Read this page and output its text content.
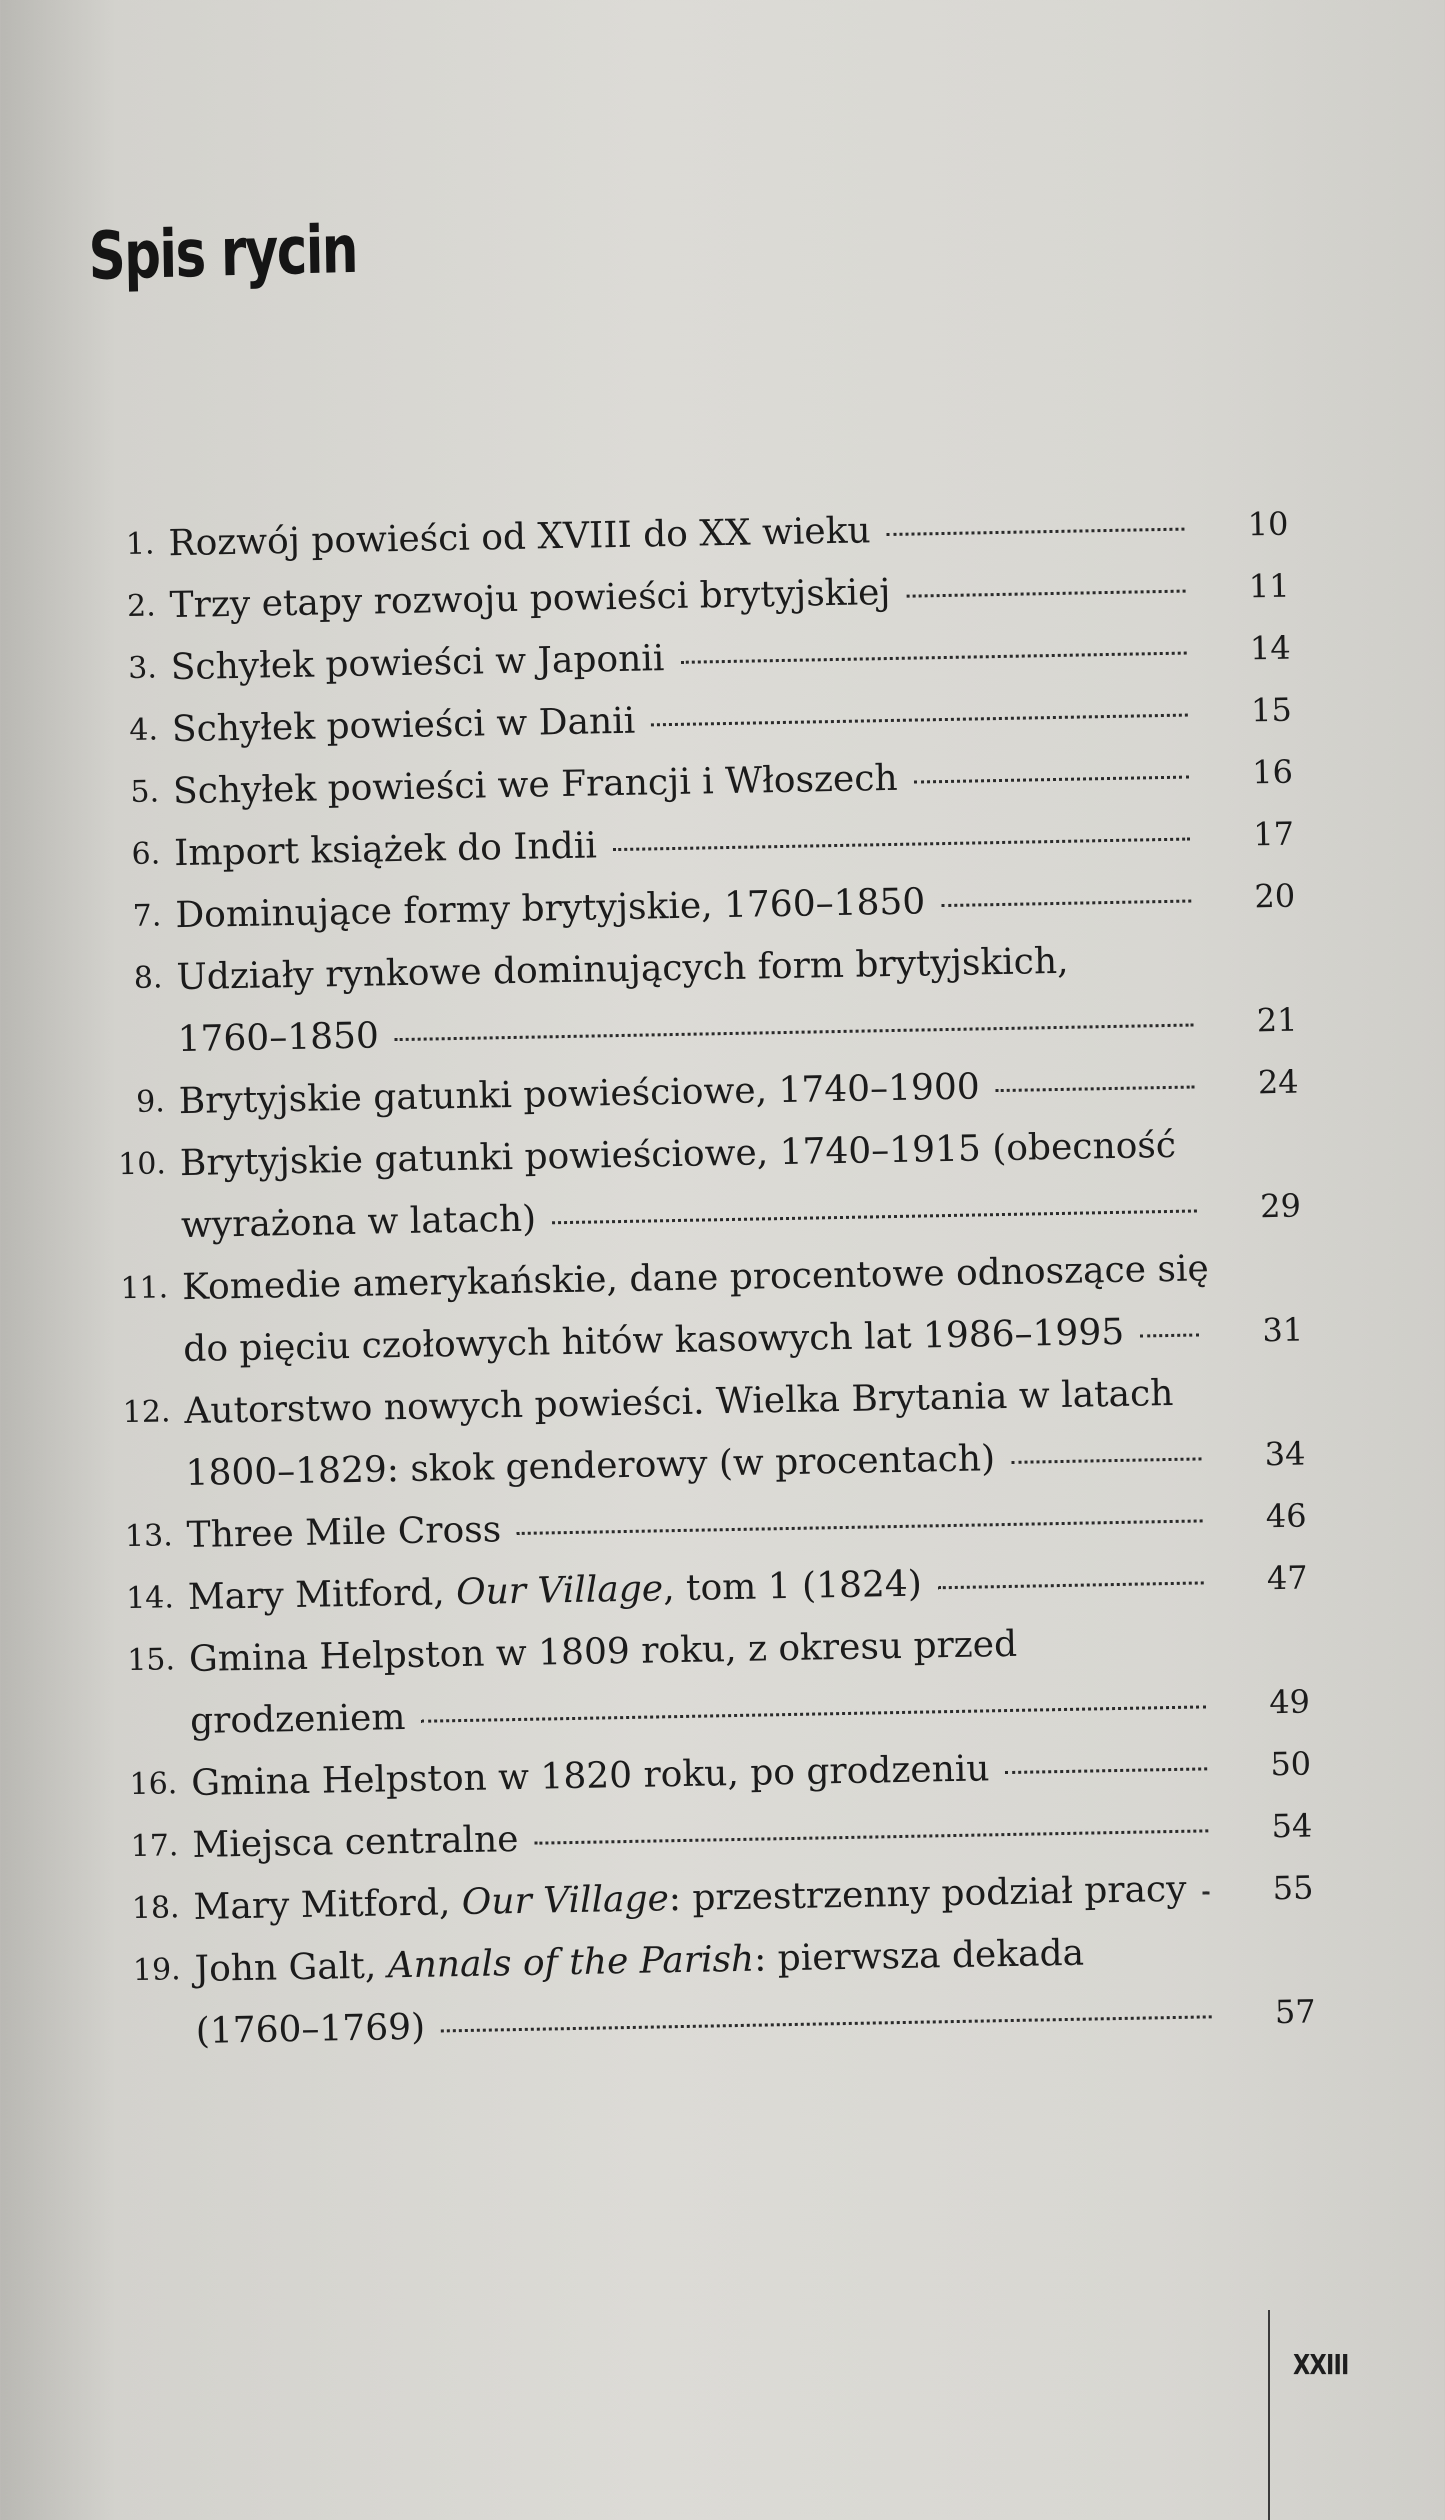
Spis rycin
1. Rozwój powieści od XVIII do XX wieku	10
2. Trzy etapy rozwoju powieści brytyjskiej	11
3. Schyłek powieści w Japonii	14
4. Schyłek powieści w Danii	15
5. Schyłek powieści we Francji i Włoszech	16
6. Import książek do Indii	17
7. Dominujące formy brytyjskie, 1760–1850	20
8. Udziały rynkowe dominujących form brytyjskich,
1760–1850	21
9. Brytyjskie gatunki powieściowe, 1740–1900	24
10. Brytyjskie gatunki powieściowe, 1740–1915 (obecność
wyrażona w latach)	29
11. Komedie amerykańskie, dane procentowe odnoszące się
do pięciu czołowych hitów kasowych lat 1986–1995	31
12. Autorstwo nowych powieści. Wielka Brytania w latach
1800–1829: skok genderowy (w procentach)	34
13. Three Mile Cross	46
14. Mary Mitford, Our Village, tom 1 (1824)	47
15. Gmina Helpston w 1809 roku, z okresu przed
grodzeniem	49
16. Gmina Helpston w 1820 roku, po grodzeniu	50
17. Miejsca centralne	54
18. Mary Mitford, Our Village: przestrzenny podział pracy	55
19. John Galt, Annals of the Parish: pierwsza dekada
(1760–1769)	57
XXIII
